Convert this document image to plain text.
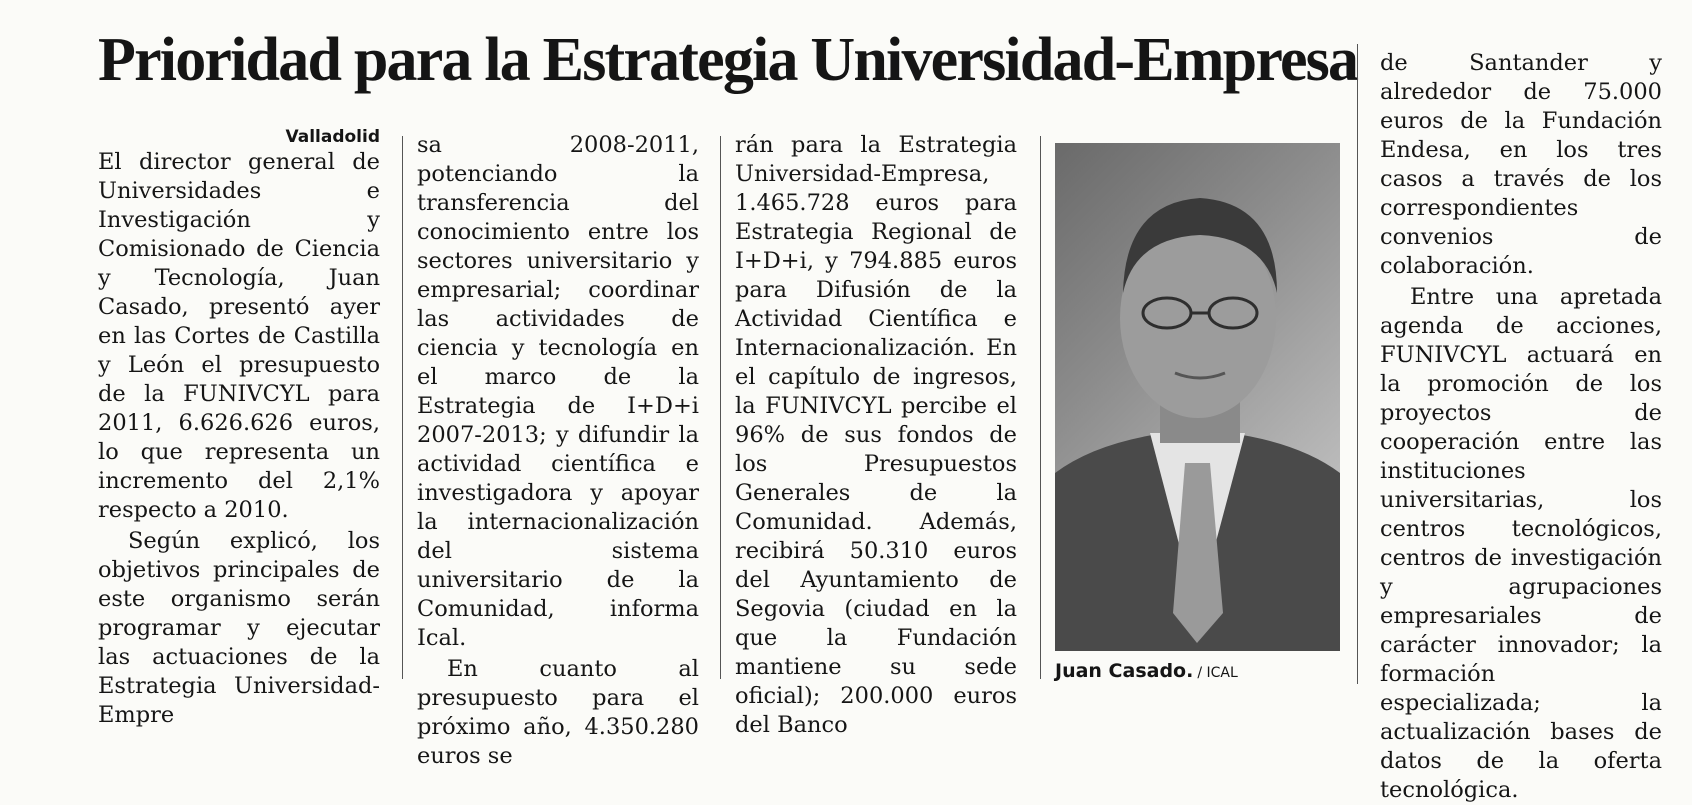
Prioridad para la Estrategia Universidad-Empresa
Valladolid

El director general de Universidades e Investigación y Comisionado de Ciencia y Tecnología, Juan Casado, presentó ayer en las Cortes de Castilla y León el presupuesto de la FUNIVCYL para 2011, 6.626.626 euros, lo que representa un incremento del 2,1% respecto a 2010.

Según explicó, los objetivos principales de este organismo serán programar y ejecutar las actuaciones de la Estrategia Universidad-Empre

sa 2008-2011, potenciando la transferencia del conocimiento entre los sectores universitario y empresarial; coordinar las actividades de ciencia y tecnología en el marco de la Estrategia de I+D+i 2007-2013; y difundir la actividad científica e investigadora y apoyar la internacionalización del sistema universitario de la Comunidad, informa Ical.

En cuanto al presupuesto para el próximo año, 4.350.280 euros se

rán para la Estrategia Universidad-Empresa, 1.465.728 euros para Estrategia Regional de I+D+i, y 794.885 euros para Difusión de la Actividad Científica e Internacionalización. En el capítulo de ingresos, la FUNIVCYL percibe el 96% de sus fondos de los Presupuestos Generales de la Comunidad. Además, recibirá 50.310 euros del Ayuntamiento de Segovia (ciudad en la que la Fundación mantiene su sede oficial); 200.000 euros del Banco

Juan Casado. / ICAL

de Santander y alrededor de 75.000 euros de la Fundación Endesa, en los tres casos a través de los correspondientes convenios de colaboración.

Entre una apretada agenda de acciones, FUNIVCYL actuará en la promoción de los proyectos de cooperación entre las instituciones universitarias, los centros tecnológicos, centros de investigación y agrupaciones empresariales de carácter innovador; la formación especializada; la actualización bases de datos de la oferta tecnológica.
